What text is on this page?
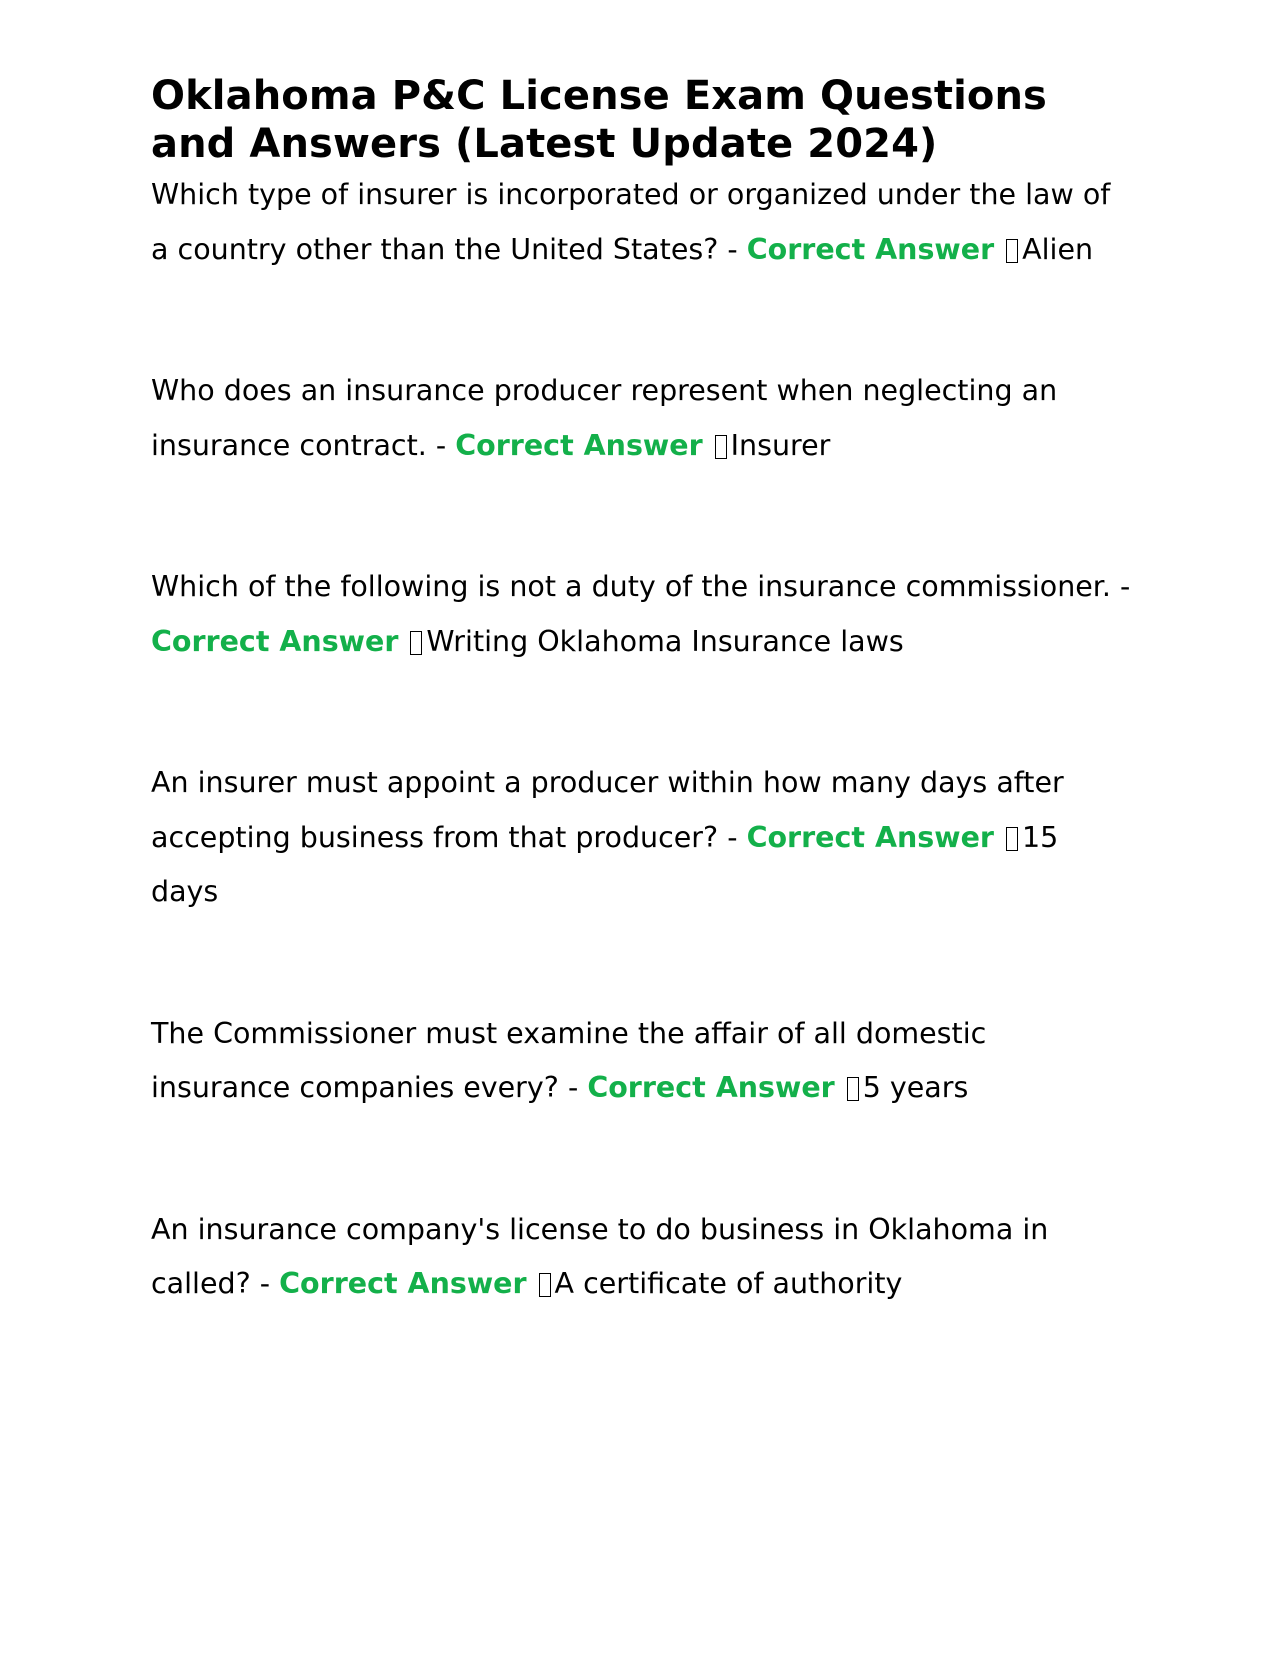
Oklahoma P&C License Exam Questions and Answers (Latest Update 2024)

Which type of insurer is incorporated or organized under the law of a country other than the United States? - Correct Answer Alien

Who does an insurance producer represent when neglecting an insurance contract. - Correct Answer Insurer

Which of the following is not a duty of the insurance commissioner. - Correct Answer Writing Oklahoma Insurance laws

An insurer must appoint a producer within how many days after accepting business from that producer? - Correct Answer 15 days

The Commissioner must examine the affair of all domestic insurance companies every? - Correct Answer 5 years

An insurance company's license to do business in Oklahoma in called? - Correct Answer A certificate of authority
